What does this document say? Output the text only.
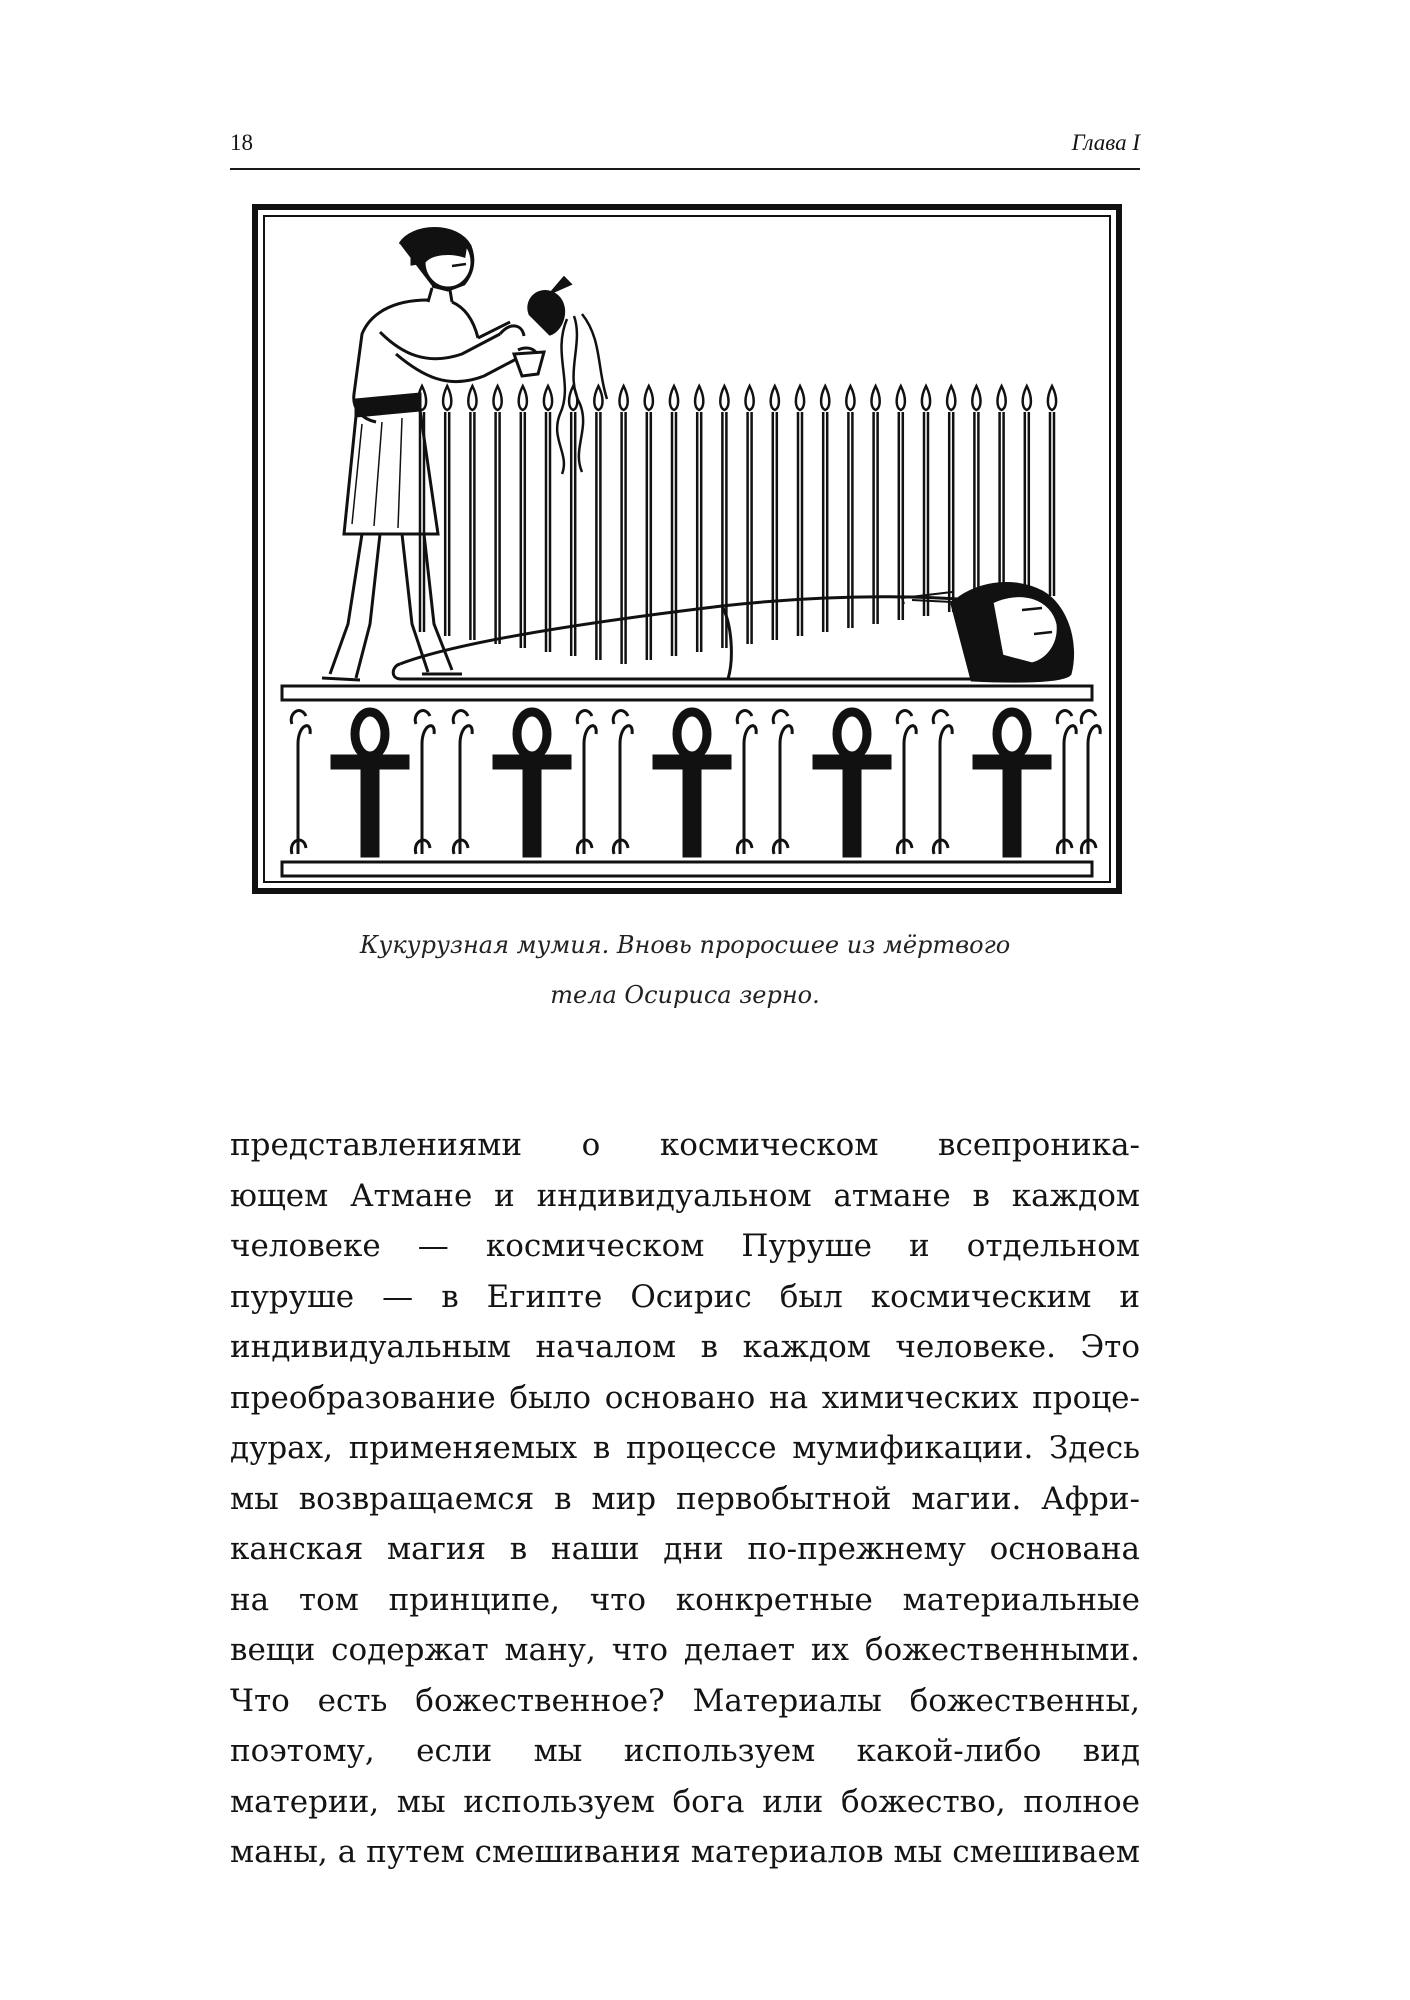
18	Глава I
Кукурузная мумия. Вновь проросшее из мёртвого
тела Осириса зерно.
представлениями о космическом всепроника-
ющем Атмане и индивидуальном атмане в каждом
человеке — космическом Пуруше и отдельном
пуруше — в Египте Осирис был космическим и
индивидуальным началом в каждом человеке. Это
преобразование было основано на химических проце-
дурах, применяемых в процессе мумификации. Здесь
мы возвращаемся в мир первобытной магии. Афри-
канская магия в наши дни по-прежнему основана
на том принципе, что конкретные материальные
вещи содержат ману, что делает их божественными.
Что есть божественное? Материалы божественны,
поэтому, если мы используем какой-либо вид
материи, мы используем бога или божество, полное
маны, а путем смешивания материалов мы смешиваем
